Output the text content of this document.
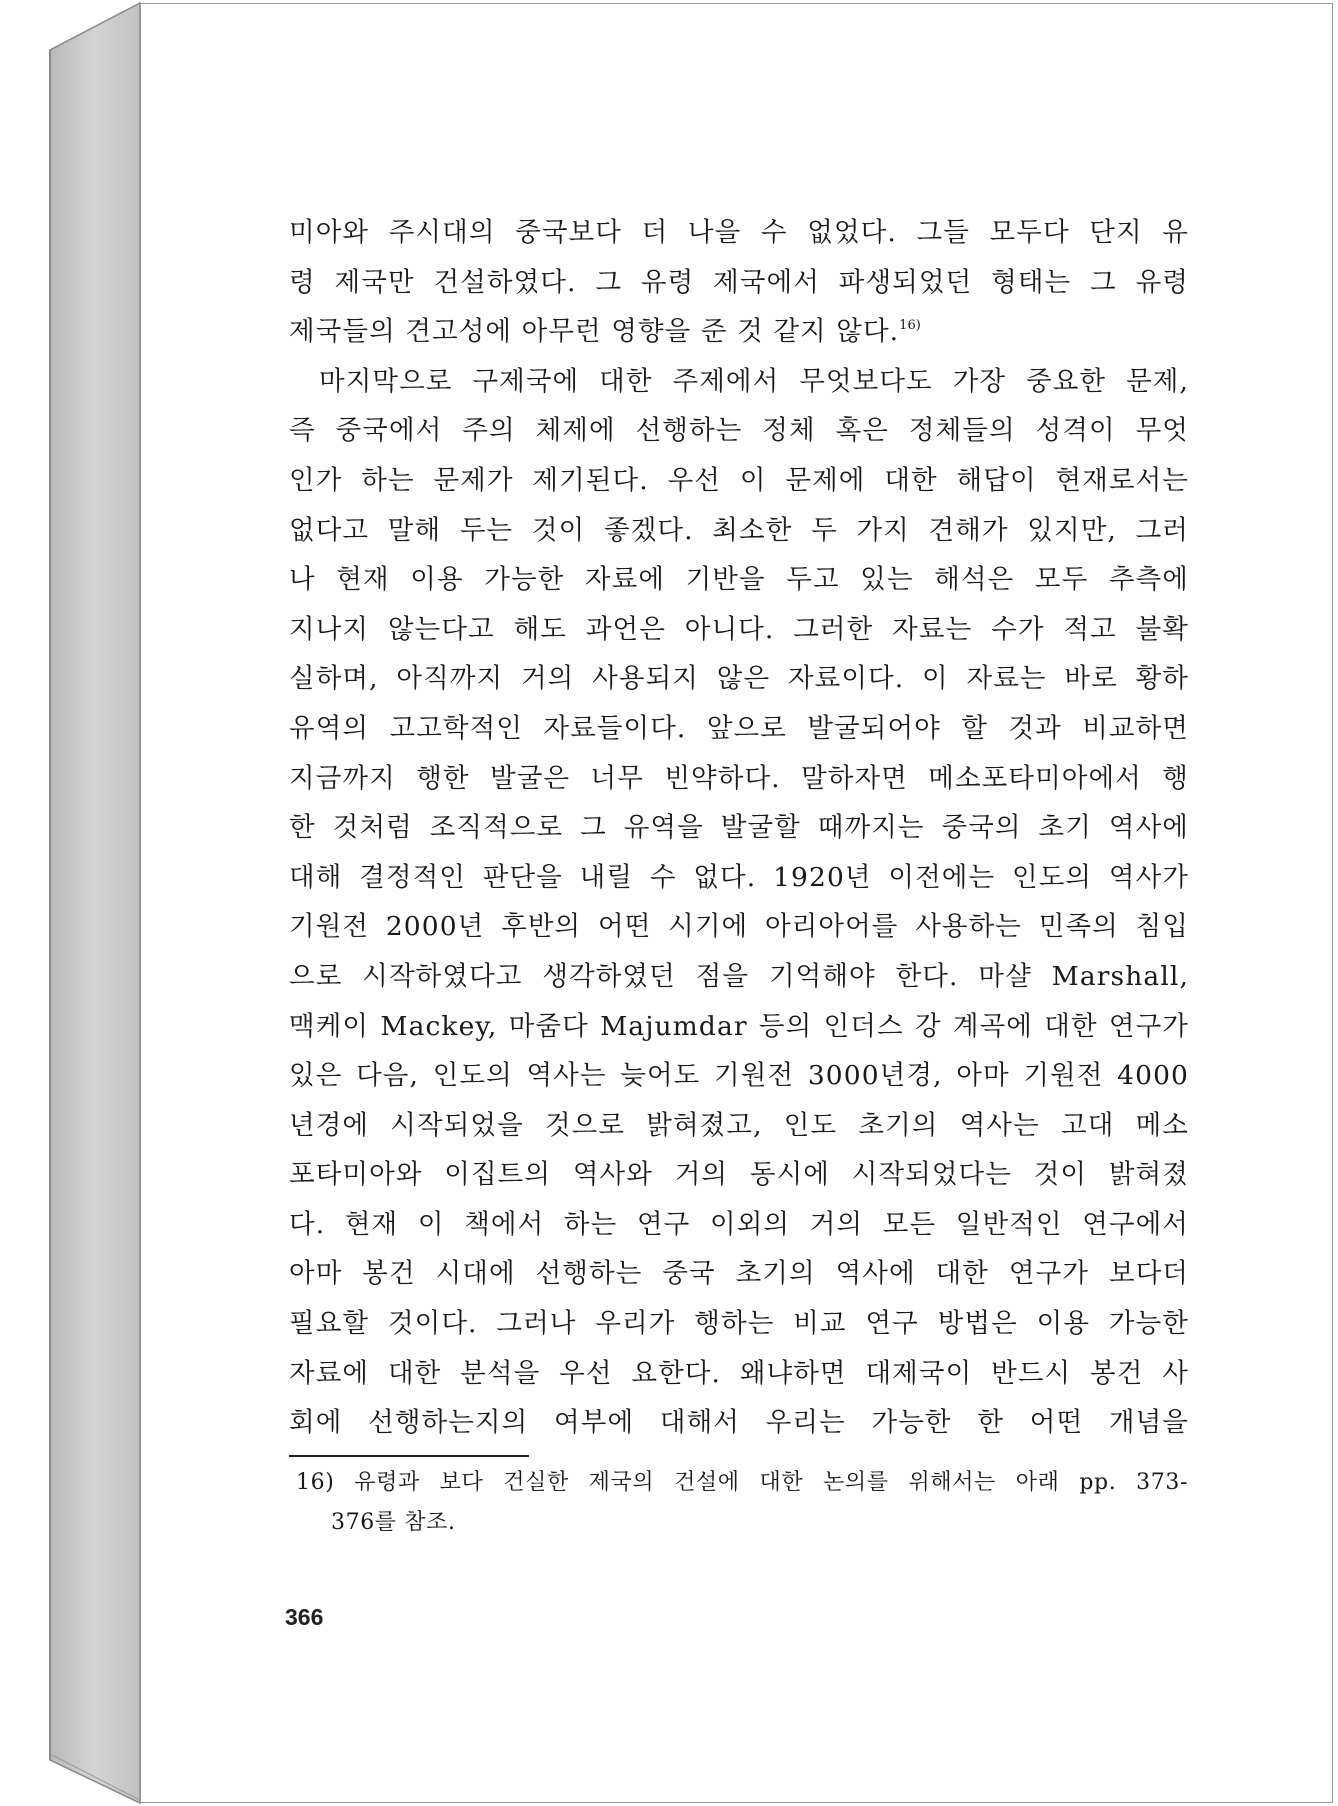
미아와 주시대의 중국보다 더 나을 수 없었다. 그들 모두다 단지 유
령 제국만 건설하였다. 그 유령 제국에서 파생되었던 형태는 그 유령
제국들의 견고성에 아무런 영향을 준 것 같지 않다.$^{16)}$
마지막으로 구제국에 대한 주제에서 무엇보다도 가장 중요한 문제,
즉 중국에서 주의 체제에 선행하는 정체 혹은 정체들의 성격이 무엇
인가 하는 문제가 제기된다. 우선 이 문제에 대한 해답이 현재로서는
없다고 말해 두는 것이 좋겠다. 최소한 두 가지 견해가 있지만, 그러
나 현재 이용 가능한 자료에 기반을 두고 있는 해석은 모두 추측에
지나지 않는다고 해도 과언은 아니다. 그러한 자료는 수가 적고 불확
실하며, 아직까지 거의 사용되지 않은 자료이다. 이 자료는 바로 황하
유역의 고고학적인 자료들이다. 앞으로 발굴되어야 할 것과 비교하면
지금까지 행한 발굴은 너무 빈약하다. 말하자면 메소포타미아에서 행
한 것처럼 조직적으로 그 유역을 발굴할 때까지는 중국의 초기 역사에
대해 결정적인 판단을 내릴 수 없다. 1920년 이전에는 인도의 역사가
기원전 2000년 후반의 어떤 시기에 아리아어를 사용하는 민족의 침입
으로 시작하였다고 생각하였던 점을 기억해야 한다. 마샬 Marshall,
맥케이 Mackey, 마줌다 Majumdar 등의 인더스 강 계곡에 대한 연구가
있은 다음, 인도의 역사는 늦어도 기원전 3000년경, 아마 기원전 4000
년경에 시작되었을 것으로 밝혀졌고, 인도 초기의 역사는 고대 메소
포타미아와 이집트의 역사와 거의 동시에 시작되었다는 것이 밝혀졌
다. 현재 이 책에서 하는 연구 이외의 거의 모든 일반적인 연구에서
아마 봉건 시대에 선행하는 중국 초기의 역사에 대한 연구가 보다더
필요할 것이다. 그러나 우리가 행하는 비교 연구 방법은 이용 가능한
자료에 대한 분석을 우선 요한다. 왜냐하면 대제국이 반드시 봉건 사
회에 선행하는지의 여부에 대해서 우리는 가능한 한 어떤 개념을
16) 유령과 보다 건실한 제국의 건설에 대한 논의를 위해서는 아래 pp. 373-
376를 참조.
366
